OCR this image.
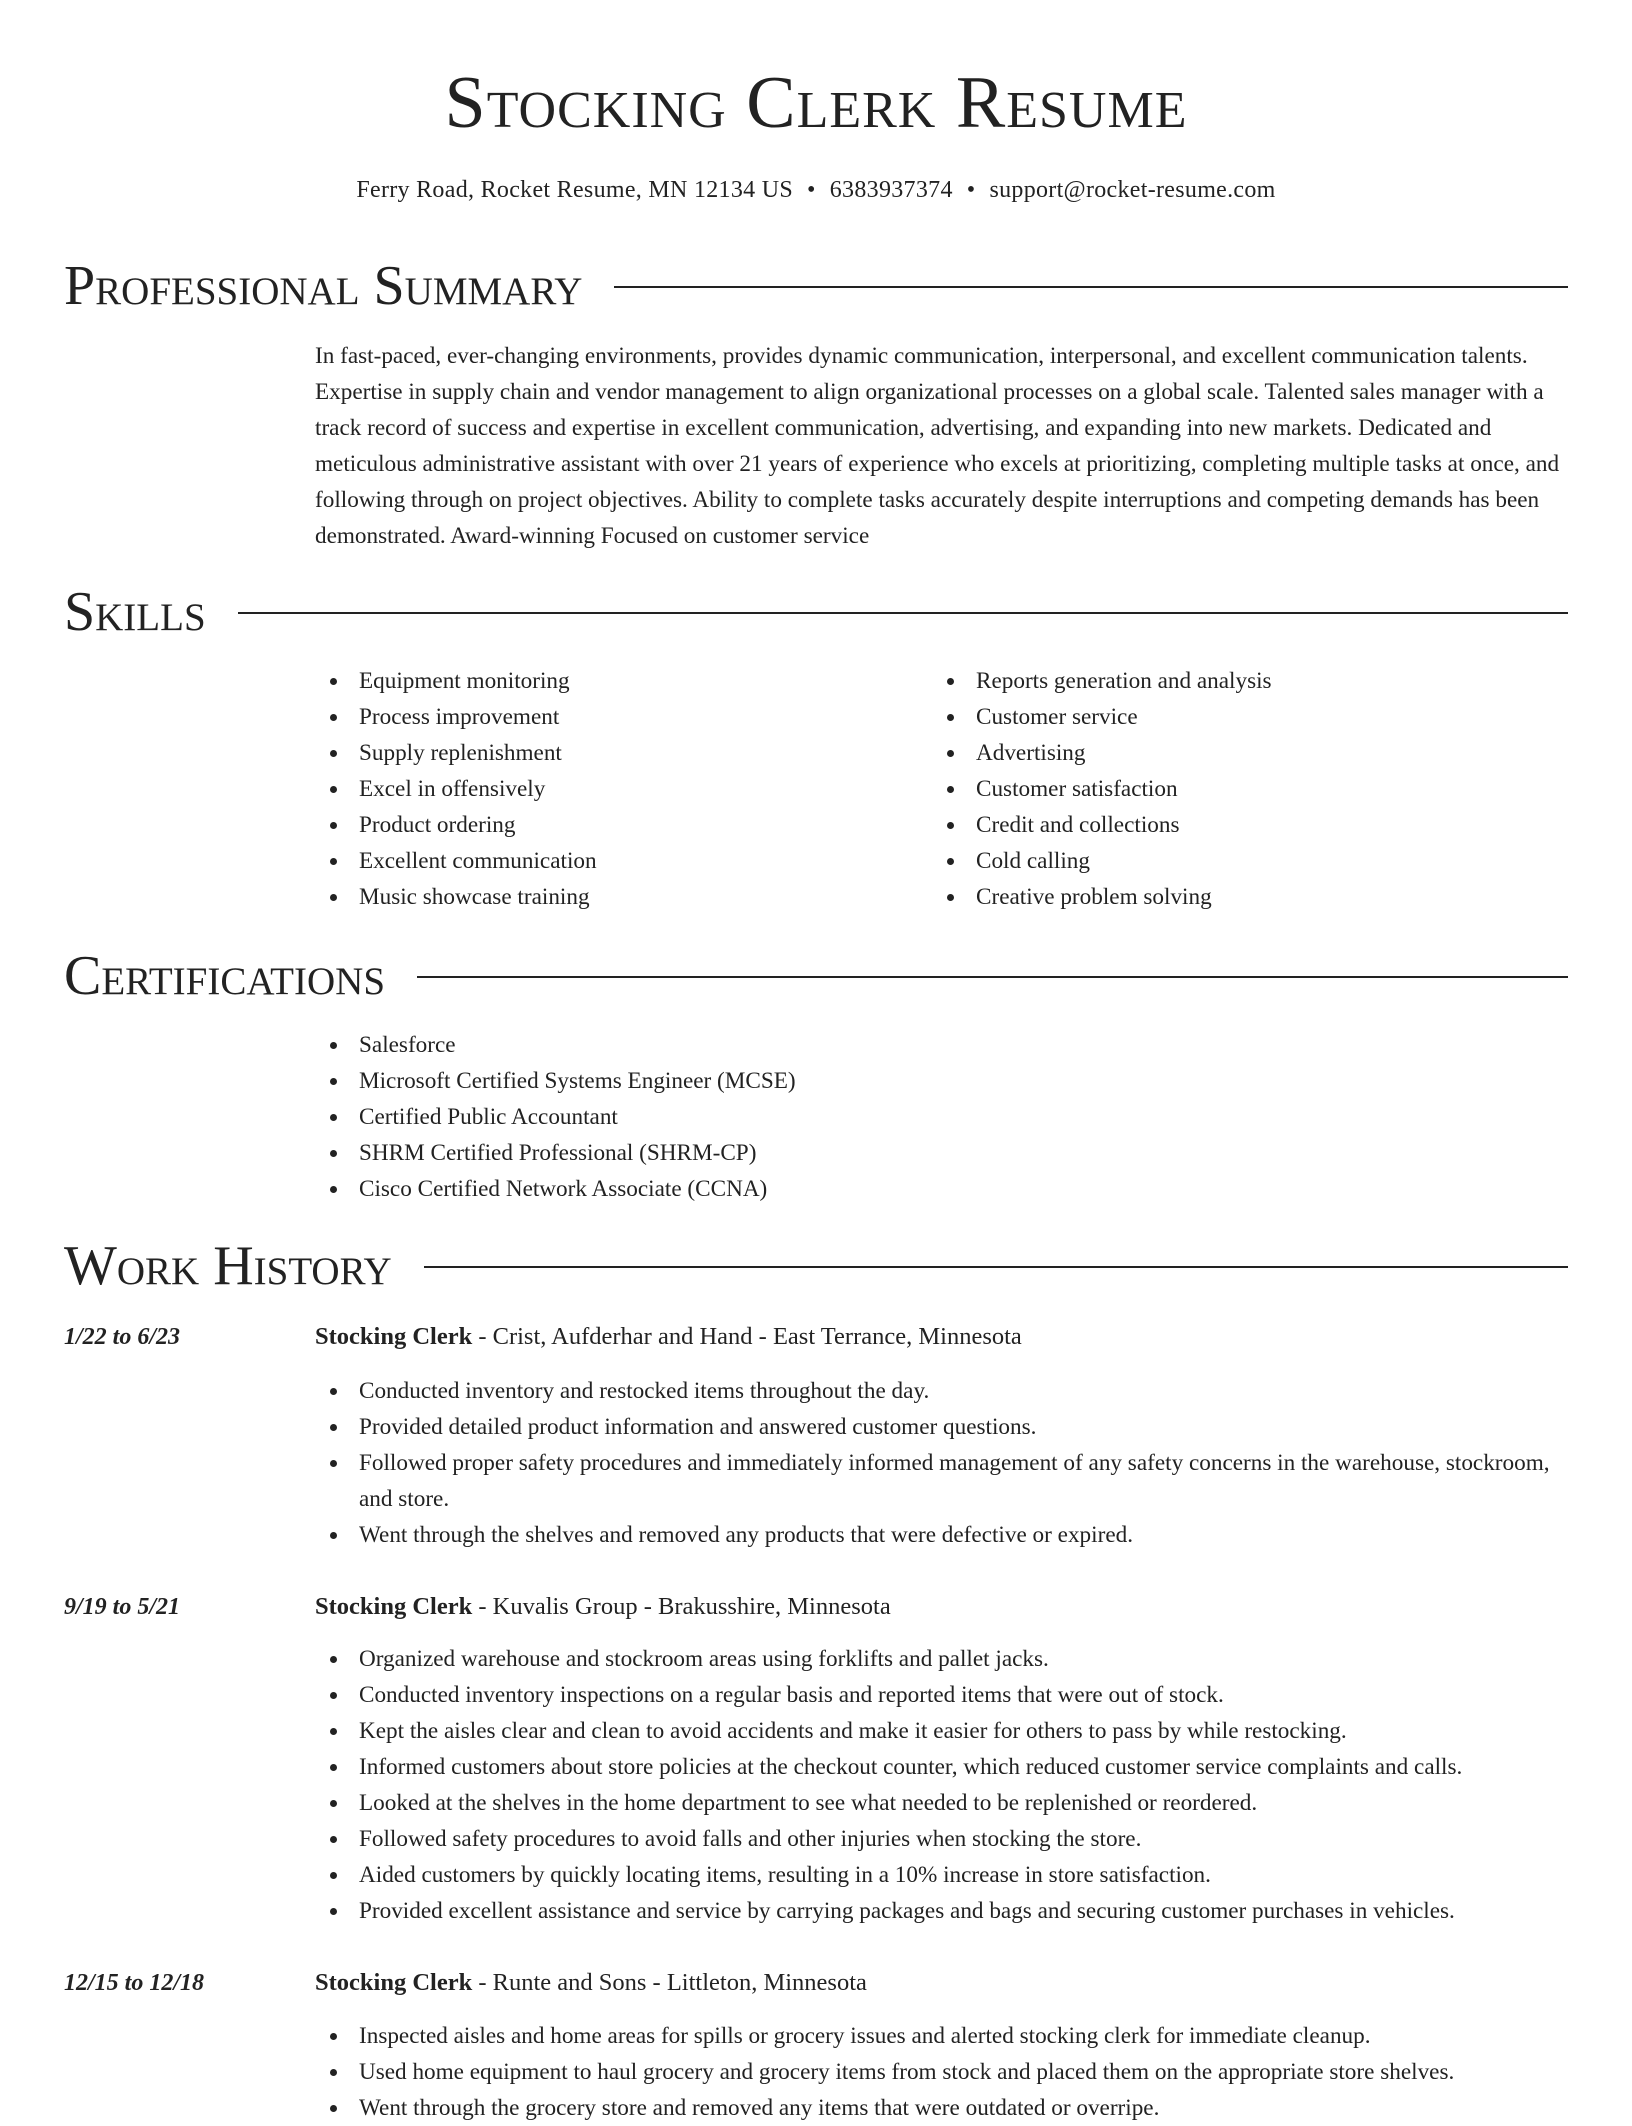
Stocking Clerk Resume
Ferry Road, Rocket Resume, MN 12134 US • 6383937374 • support@rocket-resume.com
Professional Summary

In fast-paced, ever-changing environments, provides dynamic communication, interpersonal, and excellent communication talents. Expertise in supply chain and vendor management to align organizational processes on a global scale. Talented sales manager with a track record of success and expertise in excellent communication, advertising, and expanding into new markets. Dedicated and meticulous administrative assistant with over 21 years of experience who excels at prioritizing, completing multiple tasks at once, and following through on project objectives. Ability to complete tasks accurately despite interruptions and competing demands has been demonstrated. Award-winning Focused on customer service

Skills
Equipment monitoring
Process improvement
Supply replenishment
Excel in offensively
Product ordering
Excellent communication
Music showcase training
Reports generation and analysis
Customer service
Advertising
Customer satisfaction
Credit and collections
Cold calling
Creative problem solving
Certifications
Salesforce
Microsoft Certified Systems Engineer (MCSE)
Certified Public Accountant
SHRM Certified Professional (SHRM-CP)
Cisco Certified Network Associate (CCNA)
Work History
1/22 to 6/23	Stocking Clerk - Crist, Aufderhar and Hand - East Terrance, Minnesota
Conducted inventory and restocked items throughout the day.
Provided detailed product information and answered customer questions.
Followed proper safety procedures and immediately informed management of any safety concerns in the warehouse, stockroom, and store.
Went through the shelves and removed any products that were defective or expired.
9/19 to 5/21	Stocking Clerk - Kuvalis Group - Brakusshire, Minnesota
Organized warehouse and stockroom areas using forklifts and pallet jacks.
Conducted inventory inspections on a regular basis and reported items that were out of stock.
Kept the aisles clear and clean to avoid accidents and make it easier for others to pass by while restocking.
Informed customers about store policies at the checkout counter, which reduced customer service complaints and calls.
Looked at the shelves in the home department to see what needed to be replenished or reordered.
Followed safety procedures to avoid falls and other injuries when stocking the store.
Aided customers by quickly locating items, resulting in a 10% increase in store satisfaction.
Provided excellent assistance and service by carrying packages and bags and securing customer purchases in vehicles.
12/15 to 12/18	Stocking Clerk - Runte and Sons - Littleton, Minnesota
Inspected aisles and home areas for spills or grocery issues and alerted stocking clerk for immediate cleanup.
Used home equipment to haul grocery and grocery items from stock and placed them on the appropriate store shelves.
Went through the grocery store and removed any items that were outdated or overripe.
